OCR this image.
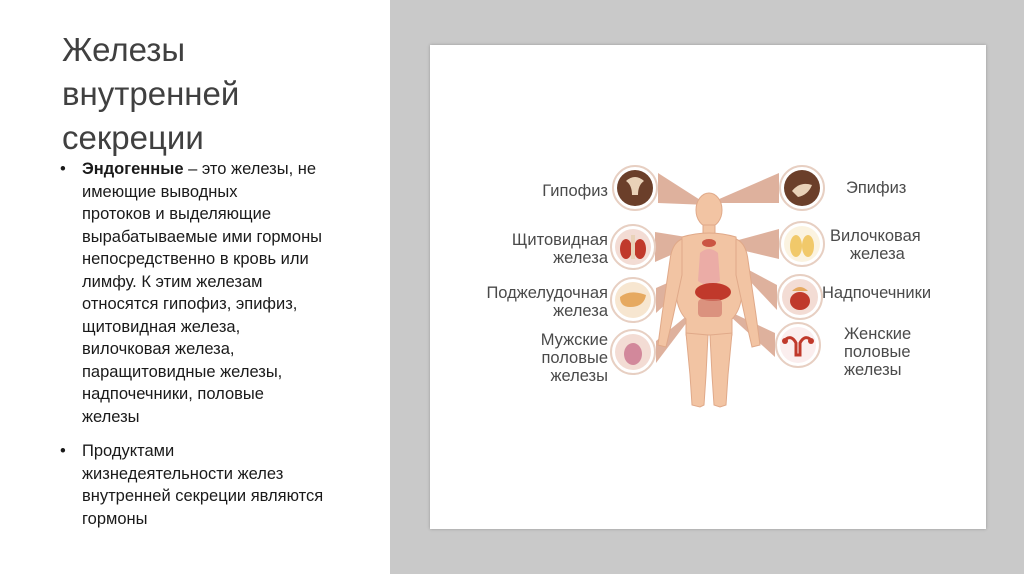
Железы
внутренней
секреции
• Эндогенные – это железы, не
имеющие выводных
протоков и выделяющие
вырабатываемые ими гормоны
непосредственно в кровь или
лимфу. К этим железам
относятся гипофиз, эпифиз,
щитовидная железа,
вилочковая железа,
паращитовидные железы,
надпочечники, половые
железы

• Продуктами
жизнедеятельности желез
внутренней секреции являются
гормоны

Гипофиз
Щитовидная
железа
Поджелудочная
железа
Мужские
половые
железы
Эпифиз
Вилочковая
железа
Надпочечники
Женские
половые
железы
